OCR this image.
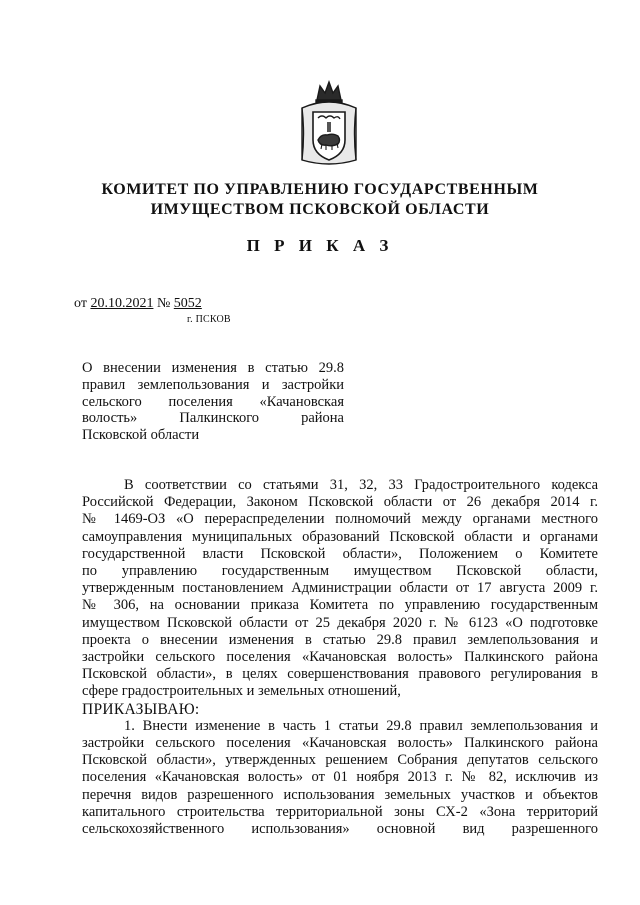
КОМИТЕТ ПО УПРАВЛЕНИЮ ГОСУДАРСТВЕННЫМ
ИМУЩЕСТВОМ ПСКОВСКОЙ ОБЛАСТИ
П Р И К А З
от 20.10.2021 № 5052
г. ПСКОВ
О внесении изменения в статью 29.8
правил землепользования и застройки
сельского поселения «Качановская
волость» Палкинского района
Псковской области
В соответствии со статьями 31, 32, 33 Градостроительного кодекса
Российской Федерации, Законом Псковской области от 26 декабря 2014 г.
№ 1469-ОЗ «О перераспределении полномочий между органами местного
самоуправления муниципальных образований Псковской области и органами
государственной власти Псковской области», Положением о Комитете
по управлению государственным имуществом Псковской области,
утвержденным постановлением Администрации области от 17 августа 2009 г.
№ 306, на основании приказа Комитета по управлению государственным
имуществом Псковской области от 25 декабря 2020 г. № 6123 «О подготовке
проекта о внесении изменения в статью 29.8 правил землепользования и
застройки сельского поселения «Качановская волость» Палкинского района
Псковской области», в целях совершенствования правового регулирования в
сфере градостроительных и земельных отношений,
ПРИКАЗЫВАЮ:
1. Внести изменение в часть 1 статьи 29.8 правил землепользования и
застройки сельского поселения «Качановская волость» Палкинского района
Псковской области», утвержденных решением Собрания депутатов сельского
поселения «Качановская волость» от 01 ноября 2013 г. № 82, исключив из
перечня видов разрешенного использования земельных участков и объектов
капитального строительства территориальной зоны СХ-2 «Зона территорий
сельскохозяйственного использования» основной вид разрешенного
